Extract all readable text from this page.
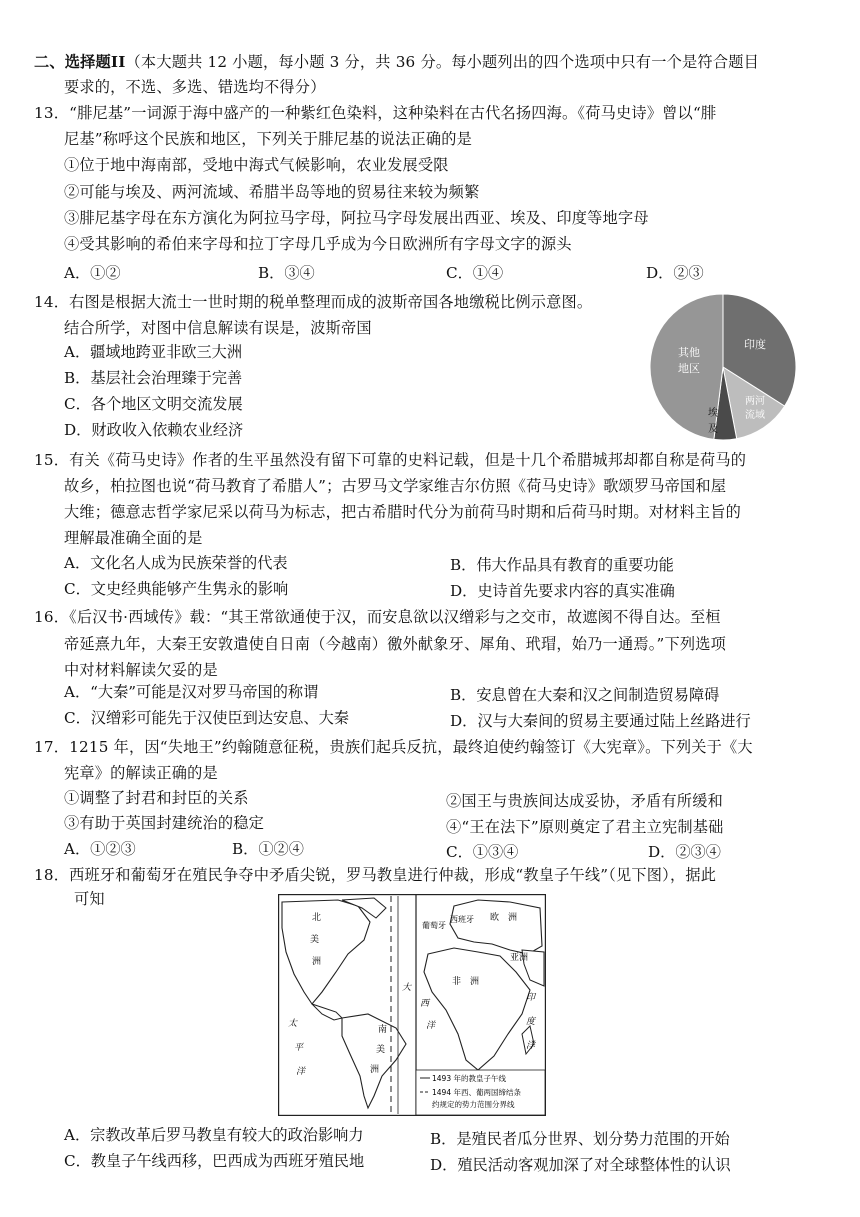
二、选择题II（本大题共 12 小题，每小题 3 分，共 36 分。每小题列出的四个选项中只有一个是符合题目
要求的，不选、多选、错选均不得分）
13．“腓尼基”一词源于海中盛产的一种紫红色染料，这种染料在古代名扬四海。《荷马史诗》曾以“腓
尼基”称呼这个民族和地区，下列关于腓尼基的说法正确的是
①位于地中海南部，受地中海式气候影响，农业发展受限
②可能与埃及、两河流域、希腊半岛等地的贸易往来较为频繁
③腓尼基字母在东方演化为阿拉马字母，阿拉马字母发展出西亚、埃及、印度等地字母
④受其影响的希伯来字母和拉丁字母几乎成为今日欧洲所有字母文字的源头
A．①②	B．③④	C．①④	D．②③
14．右图是根据大流士一世时期的税单整理而成的波斯帝国各地缴税比例示意图。
结合所学，对图中信息解读有误是，波斯帝国
A．疆域地跨亚非欧三大洲
B．基层社会治理臻于完善
C．各个地区文明交流发展
D．财政收入依赖农业经济
其他
地区
印度
两河
流域
埃
及
15．有关《荷马史诗》作者的生平虽然没有留下可靠的史料记载，但是十几个希腊城邦却都自称是荷马的
故乡，柏拉图也说“荷马教育了希腊人”；古罗马文学家维吉尔仿照《荷马史诗》歌颂罗马帝国和屋
大维；德意志哲学家尼采以荷马为标志，把古希腊时代分为前荷马时期和后荷马时期。对材料主旨的
理解最准确全面的是
A．文化名人成为民族荣誉的代表	B．伟大作品具有教育的重要功能
C．文史经典能够产生隽永的影响	D．史诗首先要求内容的真实准确
16．《后汉书·西域传》载：“其王常欲通使于汉，而安息欲以汉缯彩与之交市，故遮阂不得自达。至桓
帝延熹九年，大秦王安敦遣使自日南（今越南）徼外献象牙、犀角、玳瑁，始乃一通焉。”下列选项
中对材料解读欠妥的是
A．“大秦”可能是汉对罗马帝国的称谓	B．安息曾在大秦和汉之间制造贸易障碍
C．汉缯彩可能先于汉使臣到达安息、大秦	D．汉与大秦间的贸易主要通过陆上丝路进行
17．1215 年，因“失地王”约翰随意征税，贵族们起兵反抗，最终迫使约翰签订《大宪章》。下列关于《大
宪章》的解读正确的是
①调整了封君和封臣的关系	②国王与贵族间达成妥协，矛盾有所缓和
③有助于英国封建统治的稳定	④“王在法下”原则奠定了君主立宪制基础
A．①②③	B．①②④	C．①③④	D．②③④
18．西班牙和葡萄牙在殖民争夺中矛盾尖锐，罗马教皇进行仲裁，形成“教皇子午线”（见下图），据此
可知
北
美
洲
南
美
洲
太
平
洋
大
西
洋
葡萄牙
西班牙 欧　洲
亚洲
非　洲
印
度
洋
1493 年的教皇子午线
1494 年西、葡两国缔结条
约规定的势力范围分界线
A．宗教改革后罗马教皇有较大的政治影响力	B．是殖民者瓜分世界、划分势力范围的开始
C．教皇子午线西移，巴西成为西班牙殖民地	D．殖民活动客观加深了对全球整体性的认识
